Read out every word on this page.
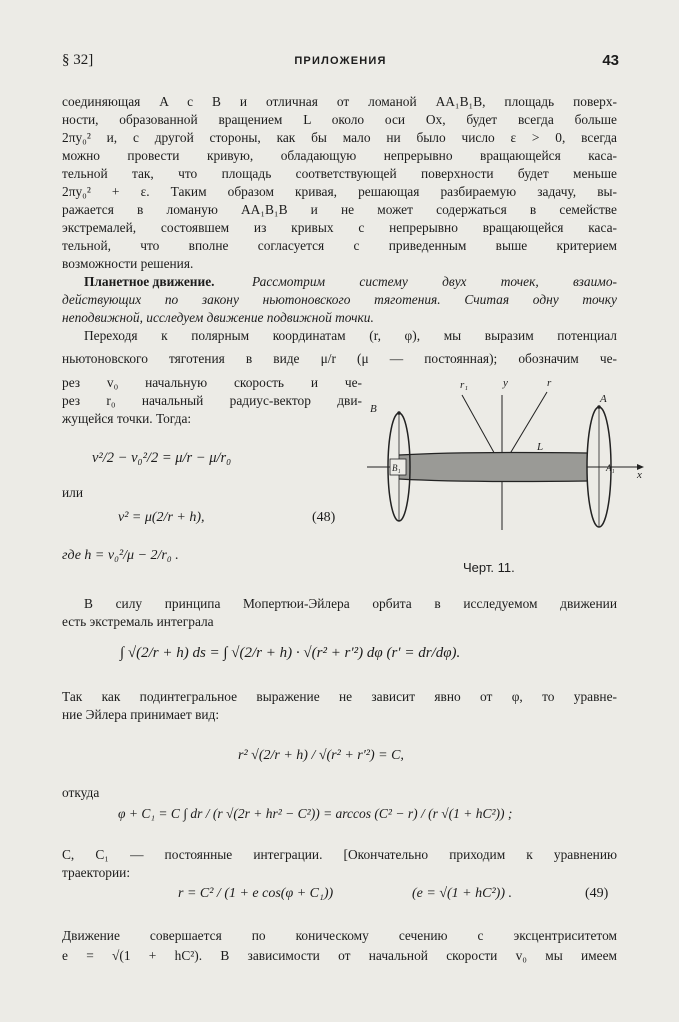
§ 32]	ПРИЛОЖЕНИЯ	43
соединяющая A с B и отличная от ломаной AA₁B₁B, площадь поверх-
ности, образованной вращением L около оси Ox, будет всегда больше
2πy₀² и, с другой стороны, как бы мало ни было число ε > 0, всегда
можно провести кривую, обладающую непрерывно вращающейся каса-
тельной так, что площадь соответствующей поверхности будет меньше
2πy₀² + ε. Таким образом кривая, решающая разбираемую задачу, вы-
ражается в ломаную AA₁B₁B и не может содержаться в семействе
экстремалей, состоявшем из кривых с непрерывно вращающейся каса-
тельной, что вполне согласуется с приведенным выше критерием
возможности решения.
Планетное движение.	Рассмотрим систему двух точек, взаимо-
действующих по закону ньютоновского тяготения. Считая одну точку
неподвижной, исследуем движение подвижной точки.
Переходя к полярным координатам (r, φ), мы выразим потенциал
ньютоновского тяготения в виде μ/r (μ — постоянная); обозначим че-
рез v₀ начальную скорость и че-
рез r₀ начальный радиус-вектор дви-
жущейся точки. Тогда:
v²/2 − v₀²/2 = μ/r − μ/r₀
или
v² = μ(2/r + h),	(48)
где h = v₀²/μ − 2/r₀ .
r₁	y	r
B
A
L
B₁	A₁
x
Черт. 11.
В силу принципа Мопертюи-Эйлера орбита в исследуемом движении
есть экстремаль интеграла
∫ √(2/r + h) ds = ∫ √(2/r + h) · √(r² + r′²) dφ (r′ = dr/dφ).
Так как подинтегральное выражение не зависит явно от φ, то уравне-
ние Эйлера принимает вид:
r² √(2/r + h) / √(r² + r′²) = C,
откуда
φ + C₁ = C ∫ dr / (r √(2r + hr² − C²)) = arccos (C² − r) / (r √(1 + hC²)) ;
C, C₁ — постоянные интеграции. [Окончательно приходим к уравнению
траектории:
r = C² / (1 + e cos(φ + C₁))	(e = √(1 + hC²)) .	(49)
Движение совершается по коническому сечению с эксцентриситетом
e = √(1 + hC²). В зависимости от начальной скорости v₀ мы имеем
